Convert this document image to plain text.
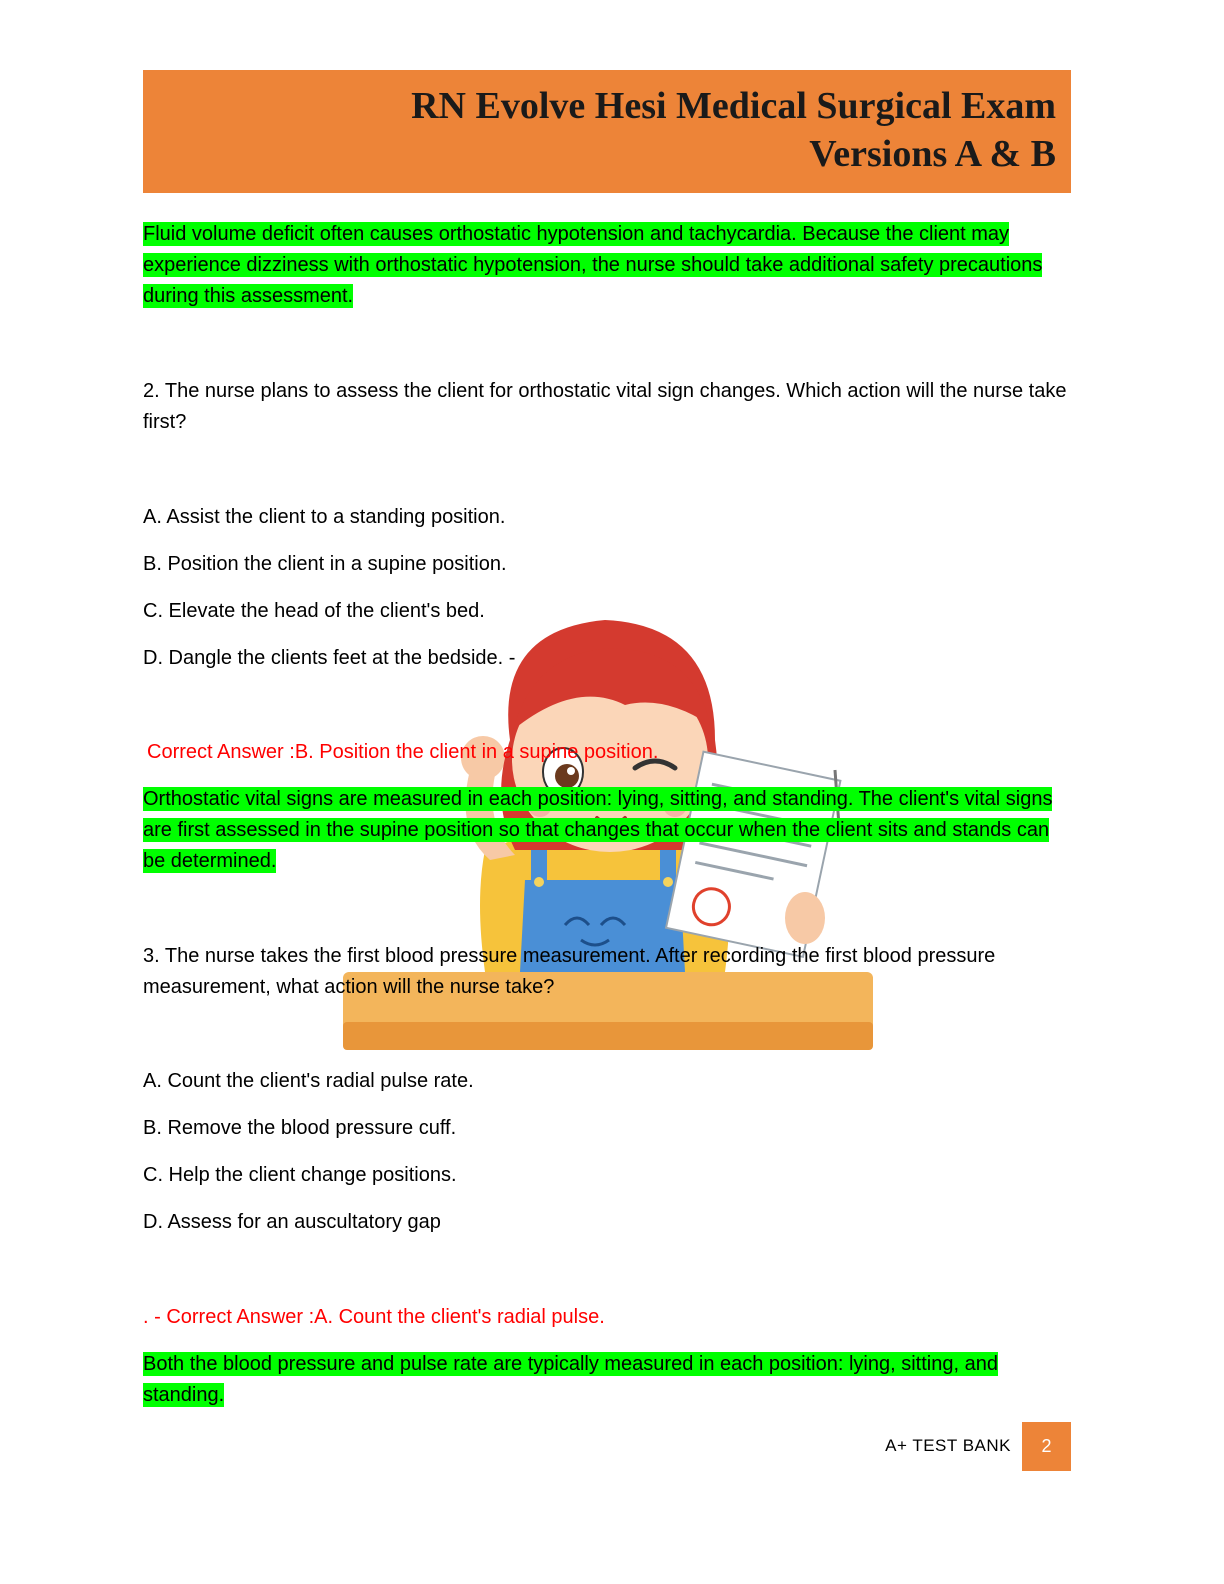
RN Evolve Hesi Medical Surgical Exam
Versions A & B
Fluid volume deficit often causes orthostatic hypotension and tachycardia. Because the client may experience dizziness with orthostatic hypotension, the nurse should take additional safety precautions during this assessment.
2. The nurse plans to assess the client for orthostatic vital sign changes. Which action will the nurse take first?
A. Assist the client to a standing position.
B. Position the client in a supine position.
C. Elevate the head of the client's bed.
D. Dangle the clients feet at the bedside. -
Correct Answer :B. Position the client in a supine position.
Orthostatic vital signs are measured in each position: lying, sitting, and standing. The client's vital signs are first assessed in the supine position so that changes that occur when the client sits and stands can be determined.
3. The nurse takes the first blood pressure measurement. After recording the first blood pressure measurement, what action will the nurse take?
A. Count the client's radial pulse rate.
B. Remove the blood pressure cuff.
C. Help the client change positions.
D. Assess for an auscultatory gap
. - Correct Answer :A. Count the client's radial pulse.
Both the blood pressure and pulse rate are typically measured in each position: lying, sitting, and standing.
A+ TEST BANK	2
